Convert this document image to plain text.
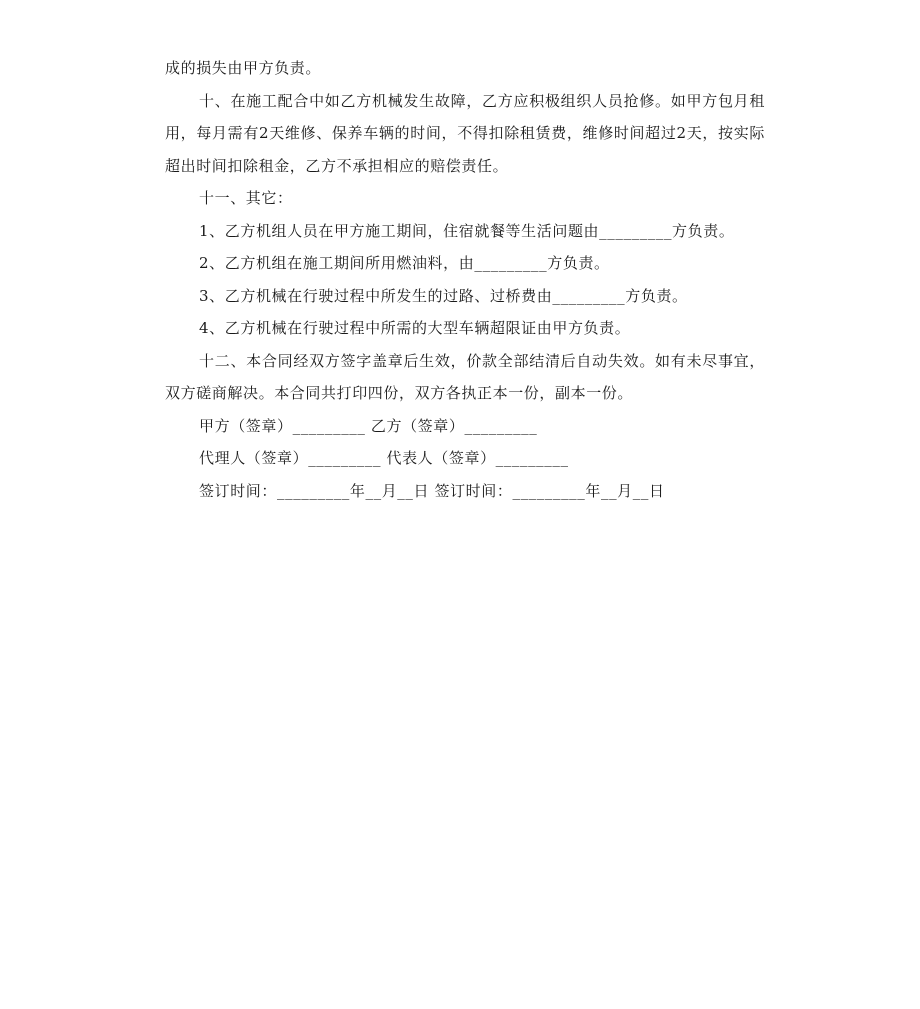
成的损失由甲方负责。

十、在施工配合中如乙方机械发生故障，乙方应积极组织人员抢修。如甲方包月租用，每月需有2天维修、保养车辆的时间，不得扣除租赁费，维修时间超过2天，按实际超出时间扣除租金，乙方不承担相应的赔偿责任。

十一、其它：

1、乙方机组人员在甲方施工期间，住宿就餐等生活问题由_________方负责。

2、乙方机组在施工期间所用燃油料，由_________方负责。

3、乙方机械在行驶过程中所发生的过路、过桥费由_________方负责。

4、乙方机械在行驶过程中所需的大型车辆超限证由甲方负责。

十二、本合同经双方签字盖章后生效，价款全部结清后自动失效。如有未尽事宜，双方磋商解决。本合同共打印四份，双方各执正本一份，副本一份。

甲方（签章）_________ 乙方（签章）_________

代理人（签章）_________ 代表人（签章）_________

签订时间：_________年__月__日 签订时间：_________年__月__日
